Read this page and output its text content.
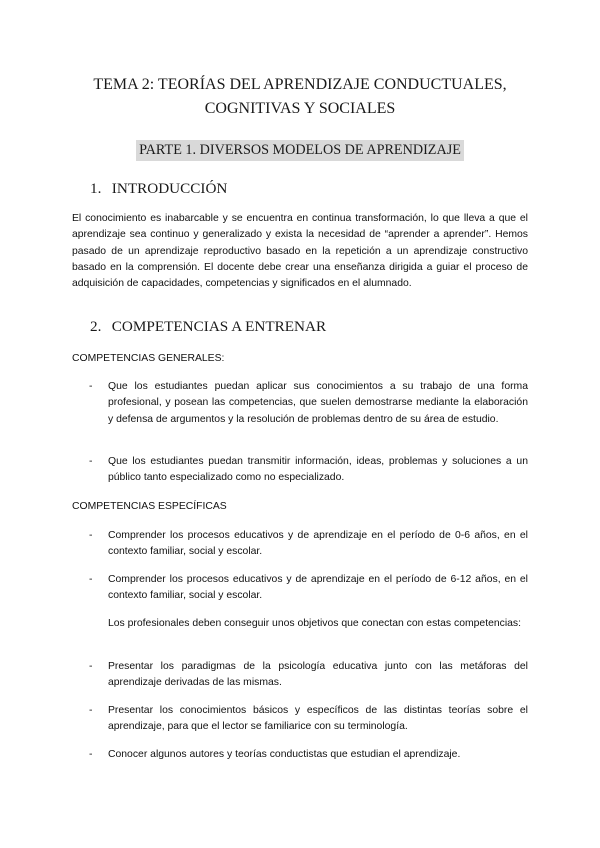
TEMA 2: TEORÍAS DEL APRENDIZAJE CONDUCTUALES,
COGNITIVAS Y SOCIALES
PARTE 1. DIVERSOS MODELOS DE APRENDIZAJE
1. INTRODUCCIÓN
El conocimiento es inabarcable y se encuentra en continua transformación, lo que lleva a que el aprendizaje sea continuo y generalizado y exista la necesidad de “aprender a aprender”. Hemos pasado de un aprendizaje reproductivo basado en la repetición a un aprendizaje constructivo basado en la comprensión. El docente debe crear una enseñanza dirigida a guiar el proceso de adquisición de capacidades, competencias y significados en el alumnado.
2. COMPETENCIAS A ENTRENAR
COMPETENCIAS GENERALES:
- Que los estudiantes puedan aplicar sus conocimientos a su trabajo de una forma profesional, y posean las competencias, que suelen demostrarse mediante la elaboración y defensa de argumentos y la resolución de problemas dentro de su área de estudio.
- Que los estudiantes puedan transmitir información, ideas, problemas y soluciones a un público tanto especializado como no especializado.
COMPETENCIAS ESPECÍFICAS
- Comprender los procesos educativos y de aprendizaje en el período de 0-6 años, en el contexto familiar, social y escolar.
- Comprender los procesos educativos y de aprendizaje en el período de 6-12 años, en el contexto familiar, social y escolar.
Los profesionales deben conseguir unos objetivos que conectan con estas competencias:
- Presentar los paradigmas de la psicología educativa junto con las metáforas del aprendizaje derivadas de las mismas.
- Presentar los conocimientos básicos y específicos de las distintas teorías sobre el aprendizaje, para que el lector se familiarice con su terminología.
- Conocer algunos autores y teorías conductistas que estudian el aprendizaje.
